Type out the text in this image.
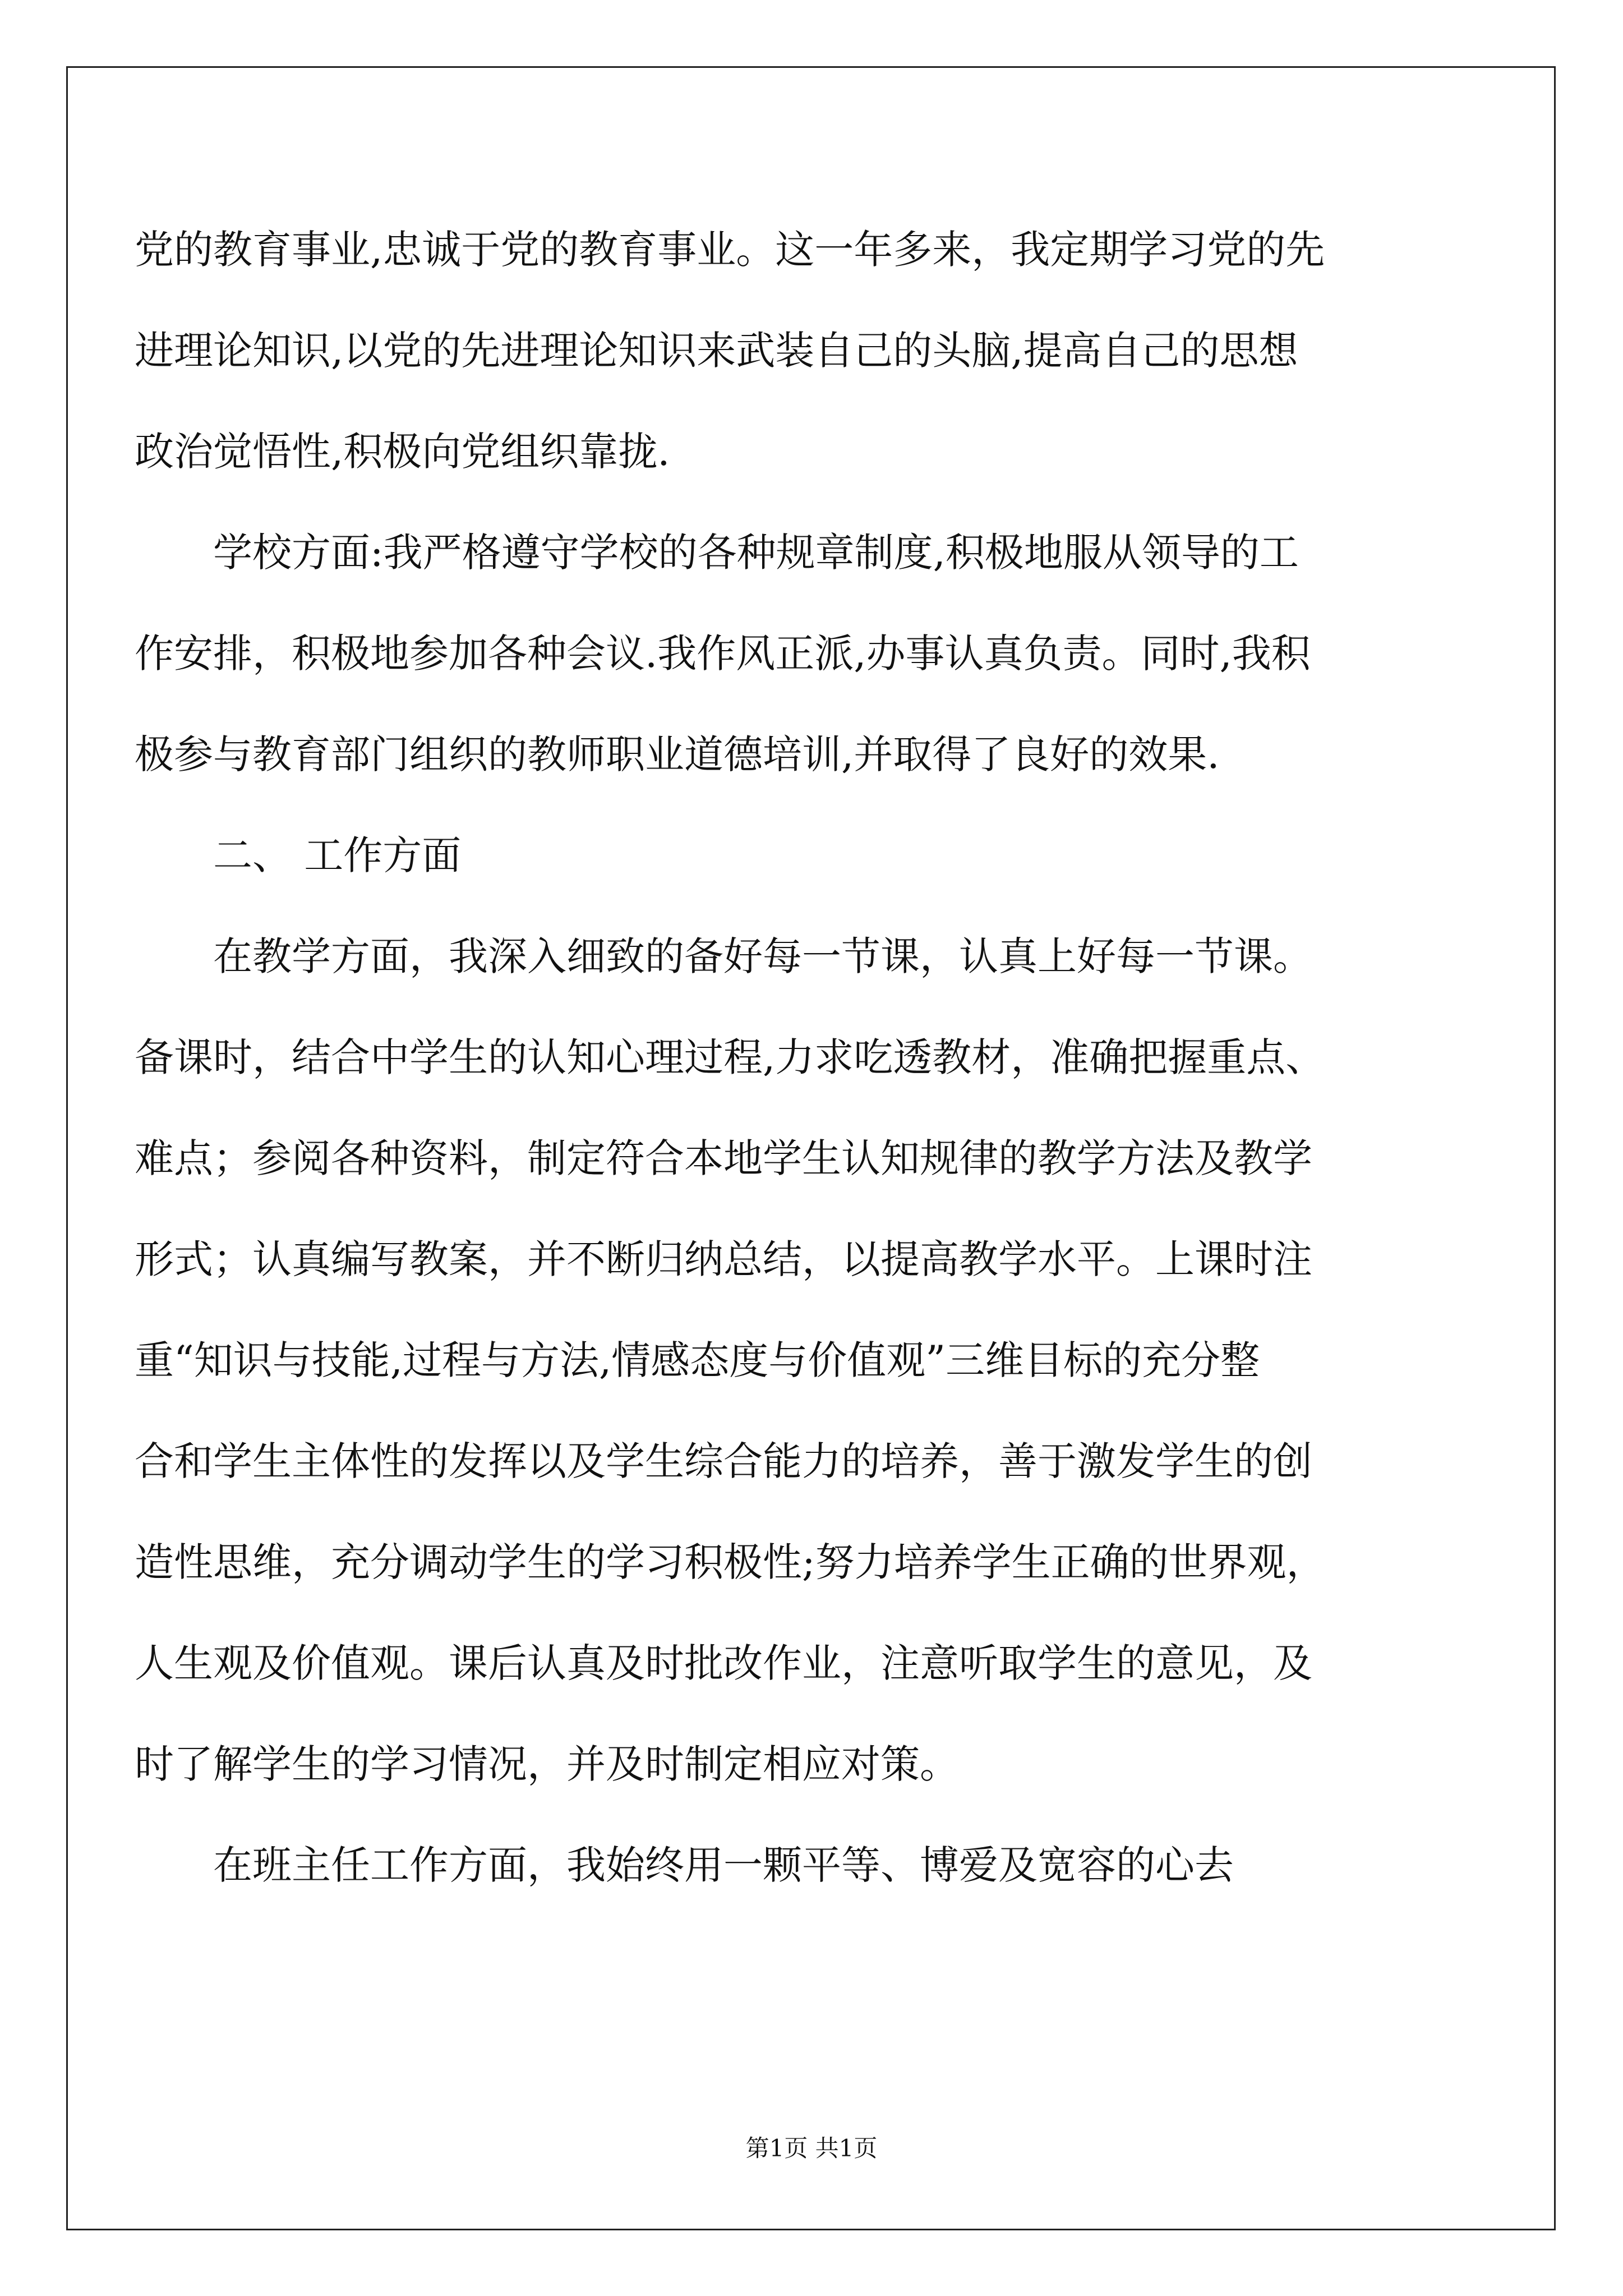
党的教育事业,忠诚于党的教育事业。这一年多来，我定期学习党的先
进理论知识,以党的先进理论知识来武装自己的头脑,提高自己的思想
政治觉悟性,积极向党组织靠拢.
学校方面:我严格遵守学校的各种规章制度,积极地服从领导的工
作安排，积极地参加各种会议.我作风正派,办事认真负责。同时,我积
极参与教育部门组织的教师职业道德培训,并取得了良好的效果.
二、 工作方面
在教学方面，我深入细致的备好每一节课，认真上好每一节课。
备课时，结合中学生的认知心理过程,力求吃透教材，准确把握重点、
难点；参阅各种资料，制定符合本地学生认知规律的教学方法及教学
形式；认真编写教案，并不断归纳总结，以提高教学水平。上课时注
重“知识与技能,过程与方法,情感态度与价值观”三维目标的充分整
合和学生主体性的发挥以及学生综合能力的培养，善于激发学生的创
造性思维，充分调动学生的学习积极性;努力培养学生正确的世界观，
人生观及价值观。课后认真及时批改作业，注意听取学生的意见，及
时了解学生的学习情况，并及时制定相应对策。
在班主任工作方面，我始终用一颗平等、博爱及宽容的心去
第1页 共1页
